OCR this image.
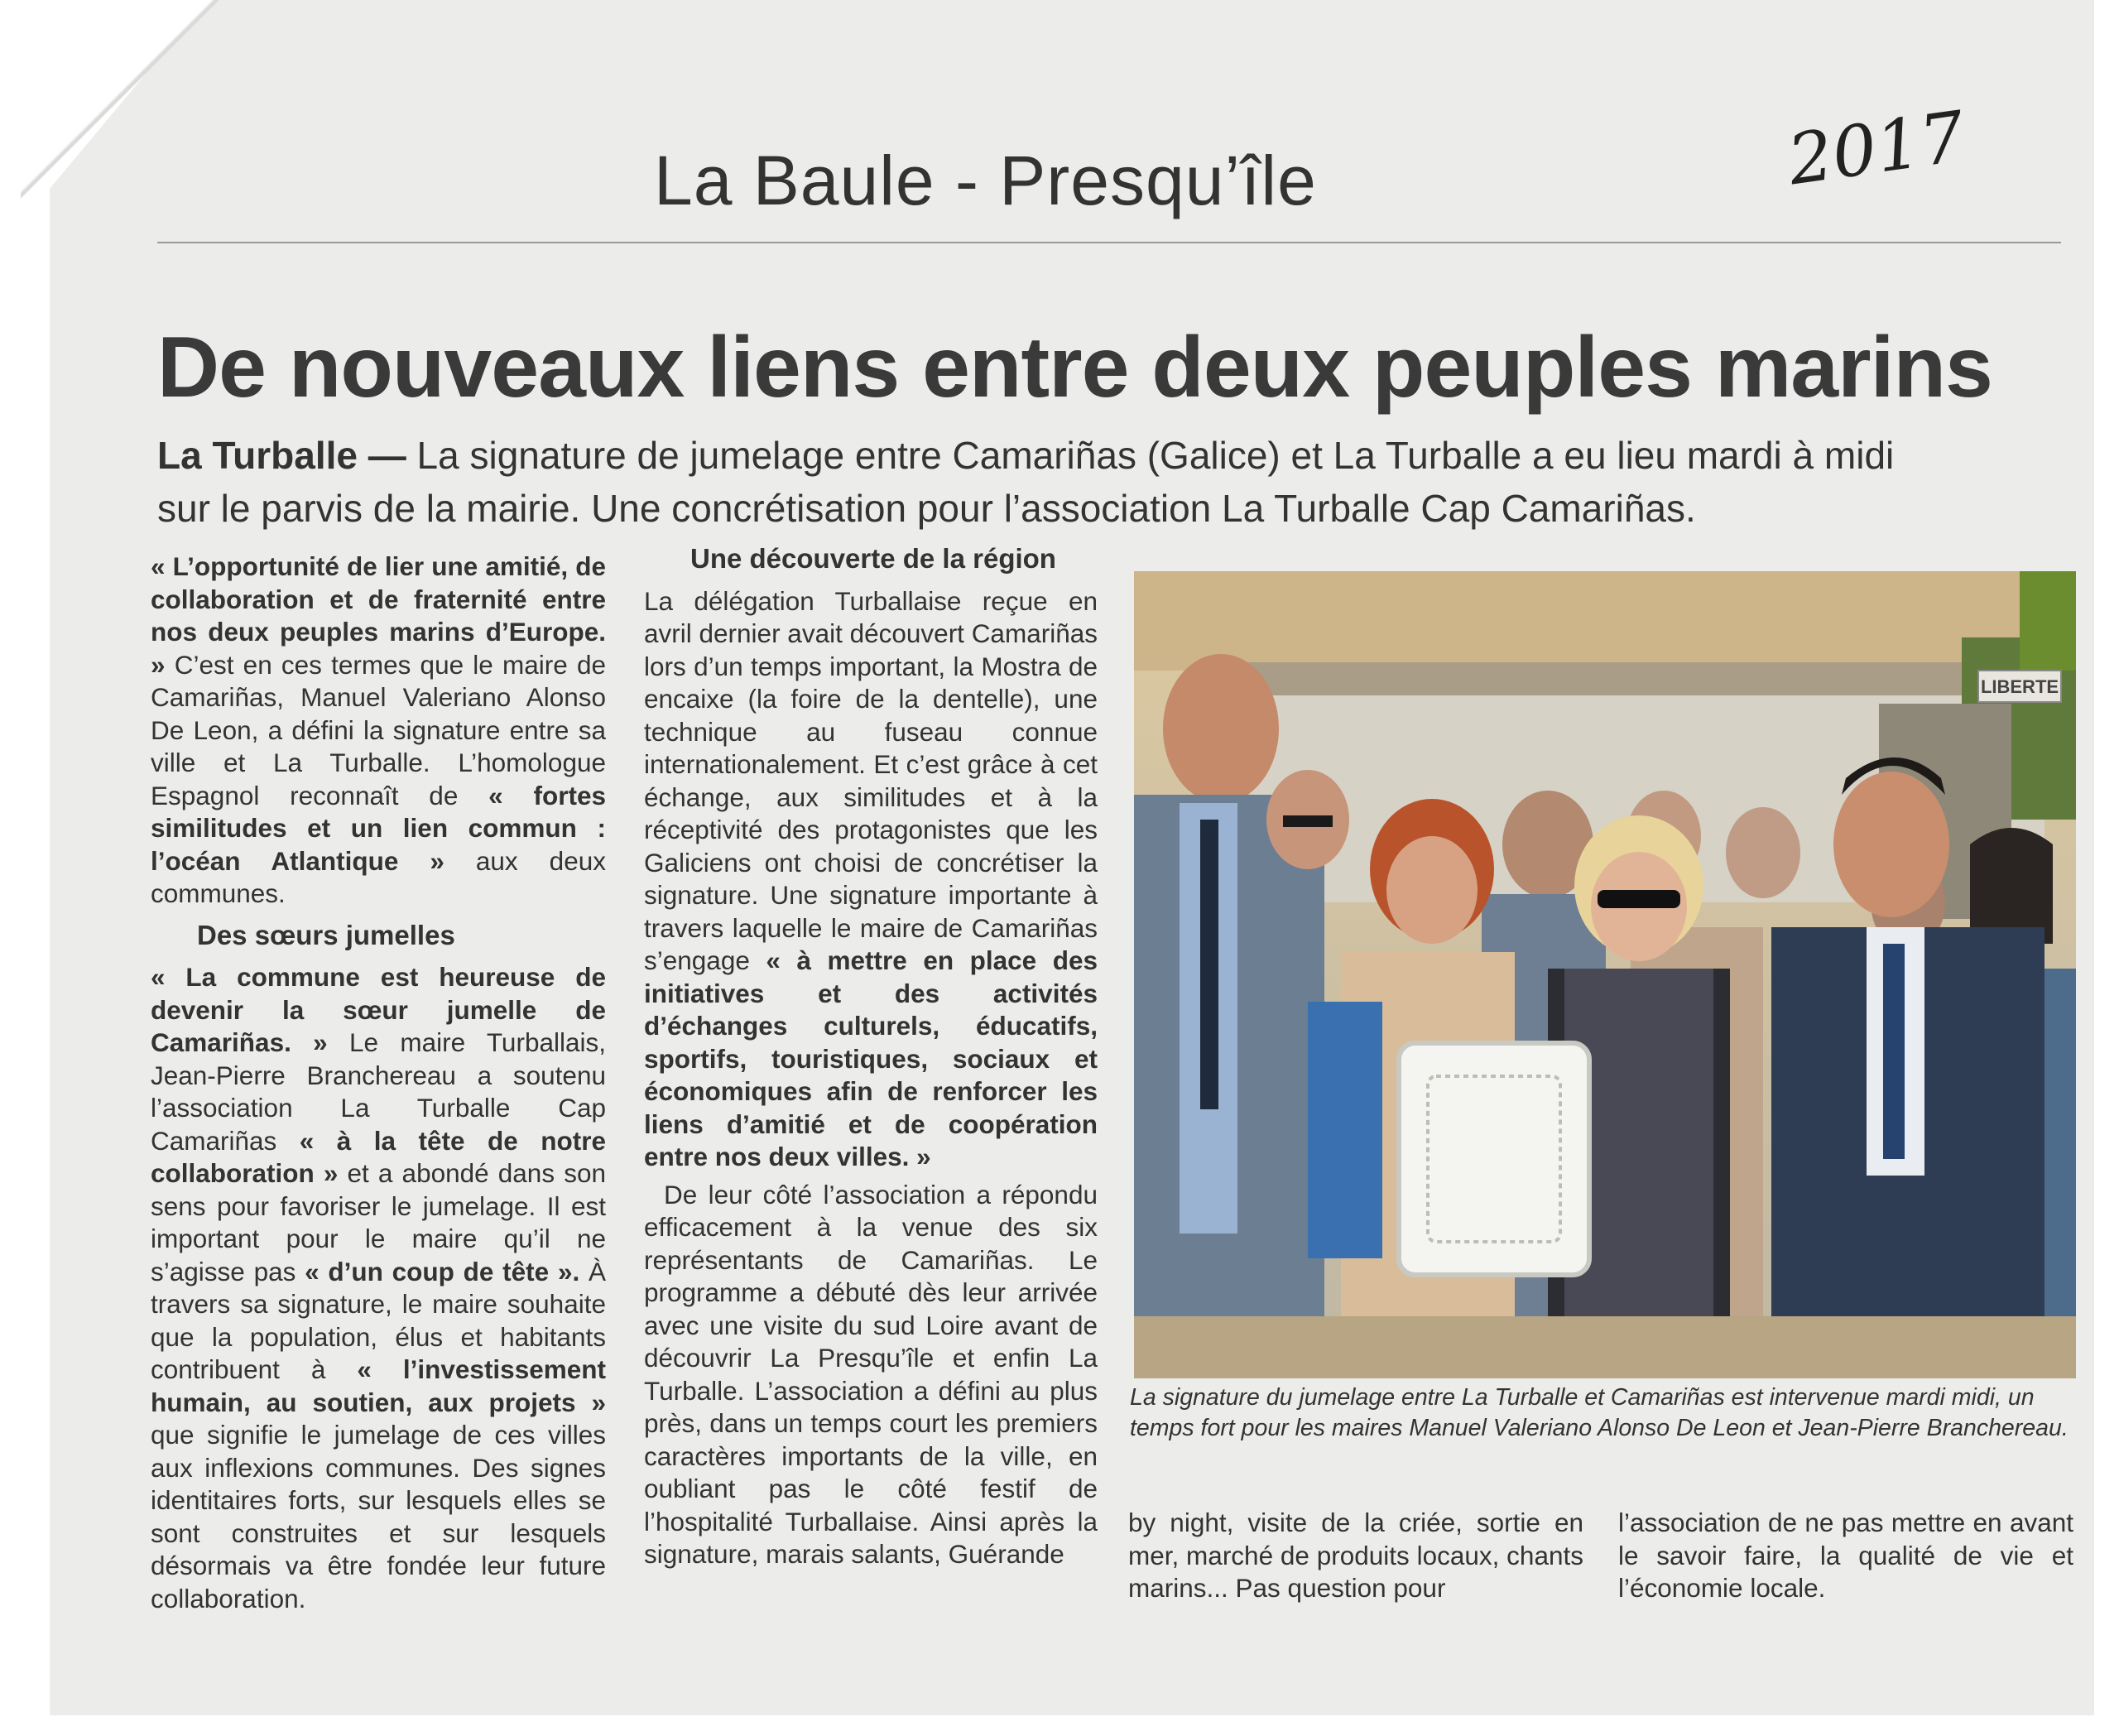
La Baule - Presqu’île	2017
De nouveaux liens entre deux peuples marins
La Turballe — La signature de jumelage entre Camariñas (Galice) et La Turballe a eu lieu mardi à midi sur le parvis de la mairie. Une concrétisation pour l’association La Turballe Cap Camariñas.

« L’opportunité de lier une amitié, de collaboration et de fraternité entre nos deux peuples marins d’Europe. » C’est en ces termes que le maire de Camariñas, Manuel Valeriano Alonso De Leon, a défini la signature entre sa ville et La Turballe. L’homologue Espagnol reconnaît de « fortes similitudes et un lien commun : l’océan Atlantique » aux deux communes.

Des sœurs jumelles

« La commune est heureuse de devenir la sœur jumelle de Camariñas. » Le maire Turballais, Jean-Pierre Branchereau a soutenu l’association La Turballe Cap Camariñas « à la tête de notre collaboration » et a abondé dans son sens pour favoriser le jumelage. Il est important pour le maire qu’il ne s’agisse pas « d’un coup de tête ». À travers sa signature, le maire souhaite que la population, élus et habitants contribuent à « l’investissement humain, au soutien, aux projets » que signifie le jumelage de ces villes aux inflexions communes. Des signes identitaires forts, sur lesquels elles se sont construites et sur lesquels désormais va être fondée leur future collaboration.

Une découverte de la région

La délégation Turballaise reçue en avril dernier avait découvert Camariñas lors d’un temps important, la Mostra de encaixe (la foire de la dentelle), une technique au fuseau connue internationalement. Et c’est grâce à cet échange, aux similitudes et à la réceptivité des protagonistes que les Galiciens ont choisi de concrétiser la signature. Une signature importante à travers laquelle le maire de Camariñas s’engage « à mettre en place des initiatives et des activités d’échanges culturels, éducatifs, sportifs, touristiques, sociaux et économiques afin de renforcer les liens d’amitié et de coopération entre nos deux villes. »

De leur côté l’association a répondu efficacement à la venue des six représentants de Camariñas. Le programme a débuté dès leur arrivée avec une visite du sud Loire avant de découvrir La Presqu’île et enfin La Turballe. L’association a défini au plus près, dans un temps court les premiers caractères importants de la ville, en oubliant pas le côté festif de l’hospitalité Turballaise. Ainsi après la signature, marais salants, Guérande

LIBERTE
La signature du jumelage entre La Turballe et Camariñas est intervenue mardi midi, un temps fort pour les maires Manuel Valeriano Alonso De Leon et Jean-Pierre Branchereau.
by night, visite de la criée, sortie en mer, marché de produits locaux, chants marins... Pas question pour
l’association de ne pas mettre en avant le savoir faire, la qualité de vie et l’économie locale.
